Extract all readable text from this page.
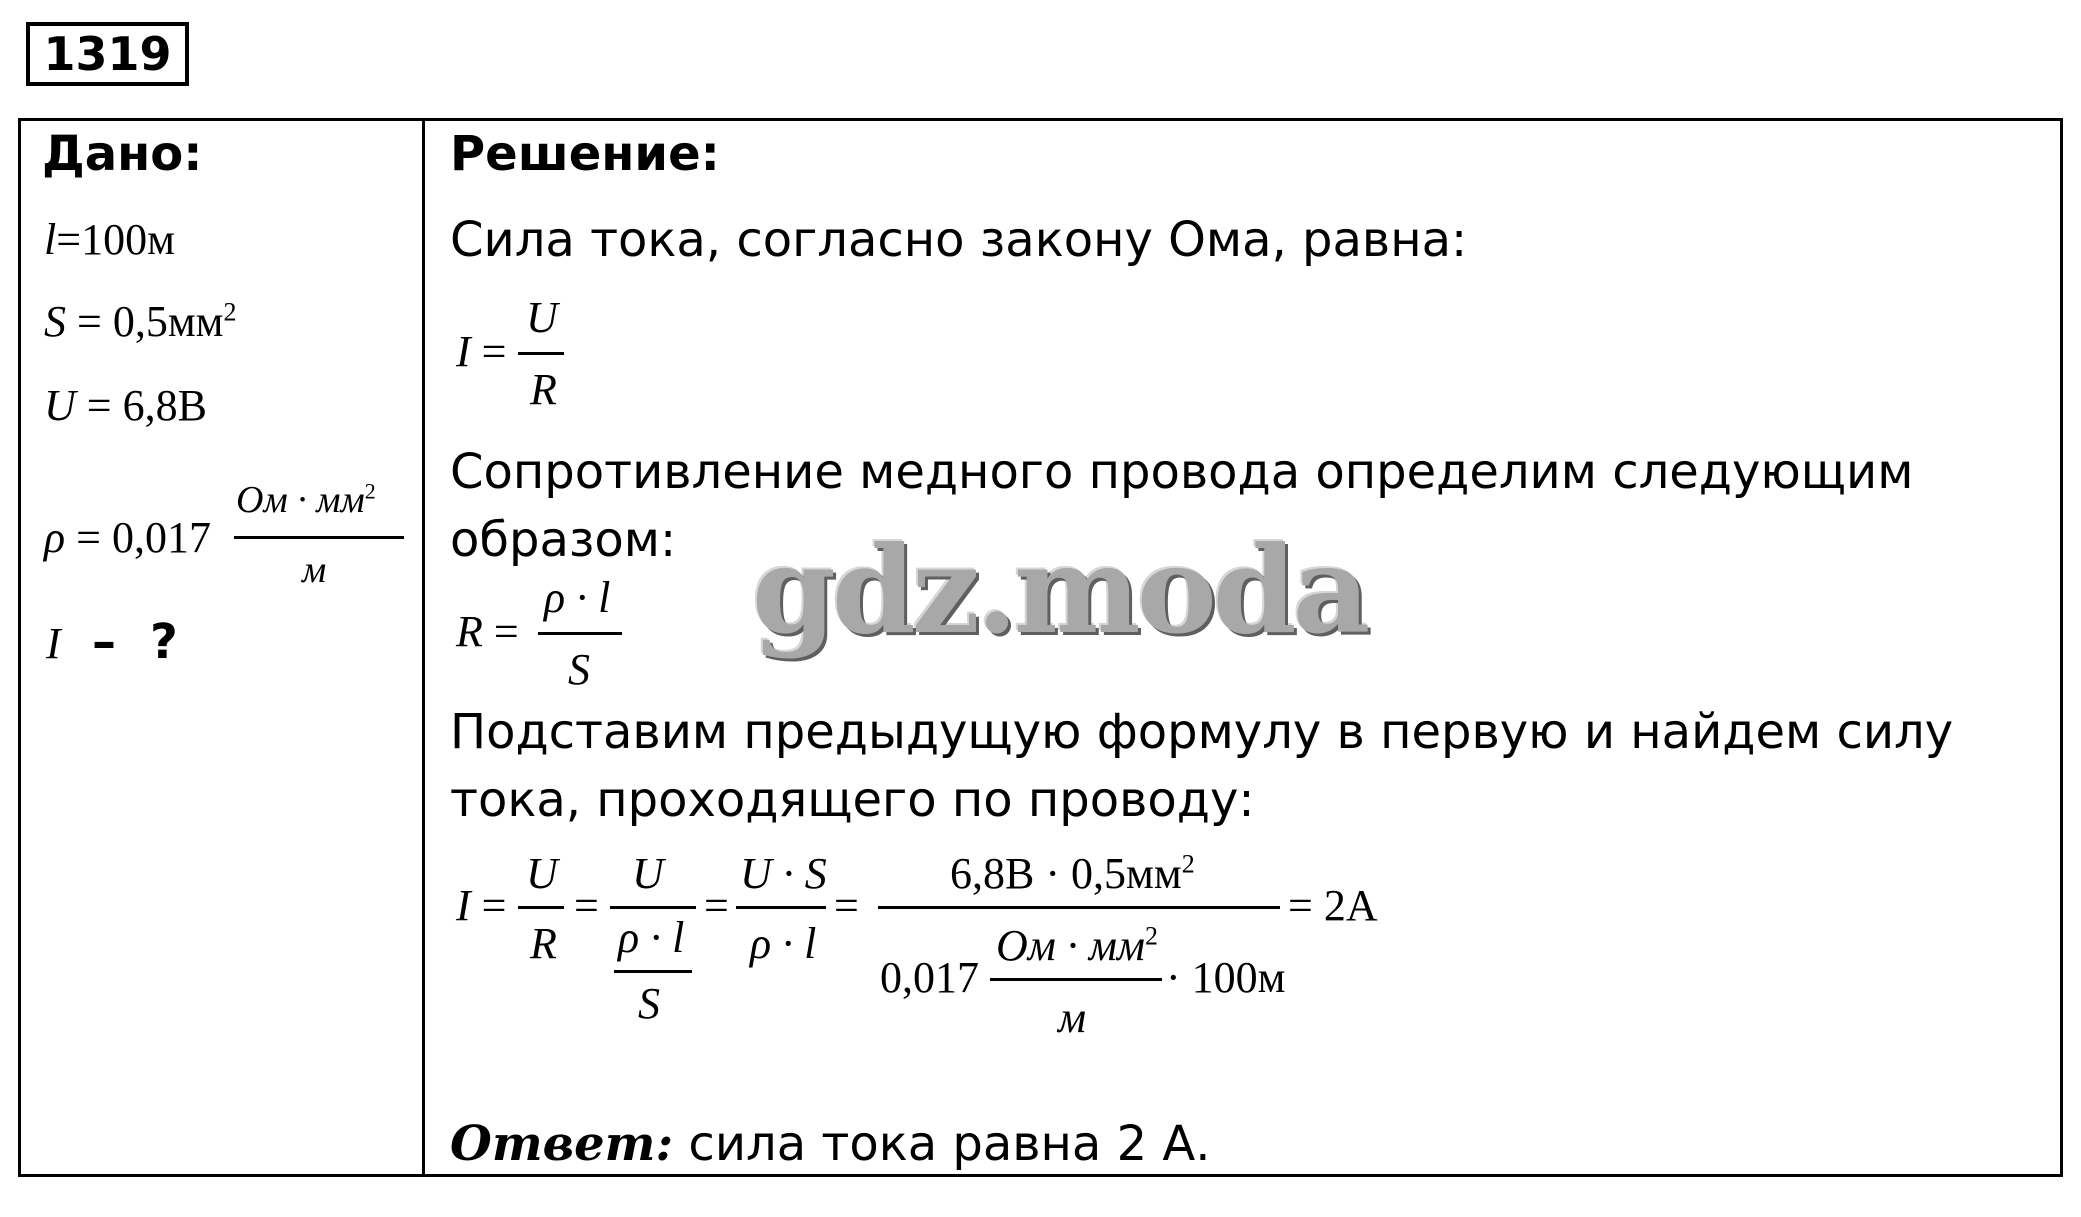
1319
Дано:
l=100м
S = 0,5мм$^2$
U = 6,8В
ρ = 0,017
Ом · мм$^2$
м
I – ?
Решение:
Сила тока, согласно закону Ома, равна:
I =
U
R
Сопротивление медного провода определим следующим
образом:
R =
ρ · l
S
Подставим предыдущую формулу в первую и найдем силу
тока, проходящего по проводу:
I =
U
R
=
U
ρ · l
S
=
U · S
ρ · l
=
$6,8В \cdot 0,5мм^2$
0,017
Ом · мм$^2$
м
· 100м
= 2А
Ответ: сила тока равна 2 А.
gdz.moda
